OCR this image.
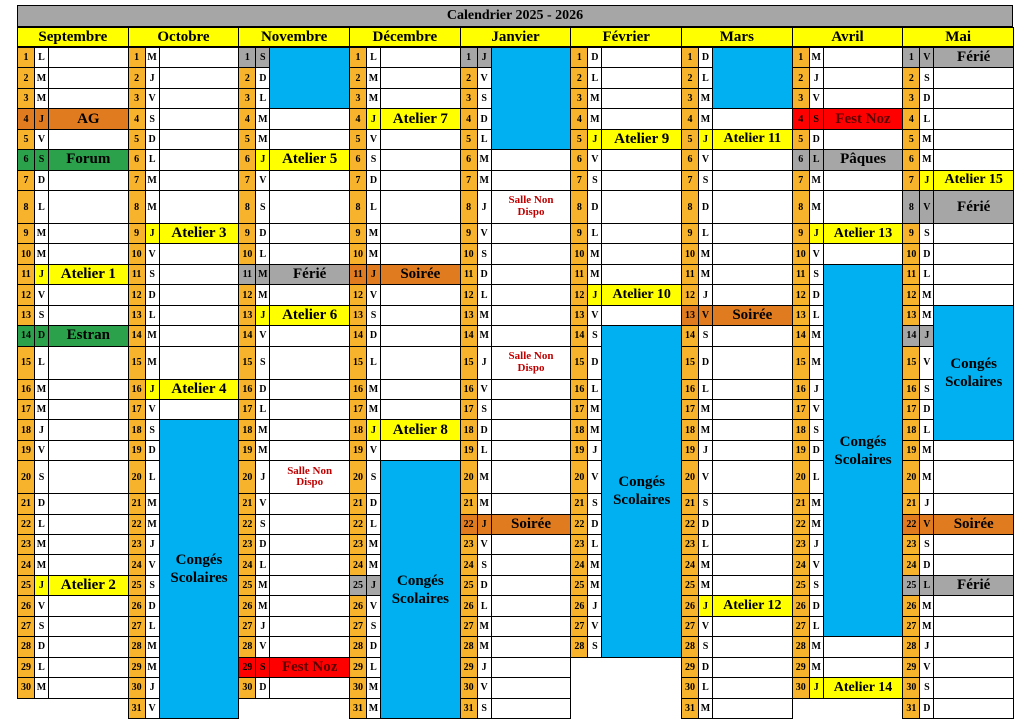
Calendrier 2025 - 2026
Septembre
1 L
2 M
3 M
4	J	AG
5 V
6	S	Forum
7 D
8 L
9 M
10 M
11 J	Atelier 1
12 V
13 S
14 D	Estran
15 L
16 M
17 M
18 J
19 V
20 S
21 D
22 L
23 M
24 M
25 J	Atelier 2
26 V
27 S
28 D
29 L
30 M
Octobre
1 M
2	J
3 V
4	S
5 D
6 L
7 M
8 M
9	J	Atelier 3
10 V
11 S
12 D
13 L
14 M
15 M
16 J	Atelier 4
17 V
18 S
19 D
20 L
21 M
22 M
23 J
24 V
25 S
26 D
27 L
28 M
29 M
30 J
31 V
Congés
Scolaires
Novembre
1	S
2 D
3 L
4 M
5 M
6	J	Atelier 5
7 V
8	S
9 D
10 L
11 M	Férié
12 M
13 J	Atelier 6
14 V
15 S
16 D
17 L
18 M
19 M
20 J
Salle Non
Dispo
21 V
22 S
23 D
24 L
25 M
26 M
27 J
28 V
29 S	Fest Noz
30 D
Décembre
1 L
2 M
3 M
4	J	Atelier 7
5 V
6	S
7 D
8 L
9 M
10 M
11 J	Soirée
12 V
13 S
14 D
15 L
16 M
17 M
18 J	Atelier 8
19 V
20 S
21 D
22 L
23 M
24 M
25 J
26 V
27 S
28 D
29 L
30 M
31 M
Congés
Scolaires
Janvier
1	J
2 V
3	S
4 D
5 L
6 M
7 M
8	J
Salle Non
Dispo
9 V
10 S
11 D
12 L
13 M
14 M
15 J
Salle Non
Dispo
16 V
17 S
18 D
19 L
20 M
21 M
22 J	Soirée
23 V
24 S
25 D
26 L
27 M
28 M
29 J
30 V
31 S
Février
1 D
2 L
3 M
4 M
5	J	Atelier 9
6 V
7	S
8 D
9 L
10 M
11 M
12 J	Atelier 10
13 V
14 S
15 D
16 L
17 M
18 M
19 J
20 V
21 S
22 D
23 L
24 M
25 M
26 J
27 V
28 S
Congés
Scolaires
Mars
1 D
2 L
3 M
4 M
5	J	Atelier 11
6 V
7	S
8 D
9 L
10 M
11 M
12 J
13 V	Soirée
14 S
15 D
16 L
17 M
18 M
19 J
20 V
21 S
22 D
23 L
24 M
25 M
26 J	Atelier 12
27 V
28 S
29 D
30 L
31 M
Avril
1 M
2	J
3 V
4	S	Fest Noz
5 D
6 L	Pâques
7 M
8 M
9	J	Atelier 13
10 V
11 S
12 D
13 L
14 M
15 M
16 J
17 V
18 S
19 D
20 L
21 M
22 M
23 J
24 V
25 S
26 D
27 L
28 M
29 M
30 J	Atelier 14
Congés
Scolaires
Mai
1 V	Férié
2	S
3 D
4 L
5 M
6 M
7	J	Atelier 15
8 V	Férié
9	S
10 D
11 L
12 M
13 M
14 J
15 V
16 S
17 D
18 L
19 M
20 M
21 J
22 V	Soirée
23 S
24 D
25 L	Férié
26 M
27 M
28 J
29 V
30 S
31 D
Congés
Scolaires
